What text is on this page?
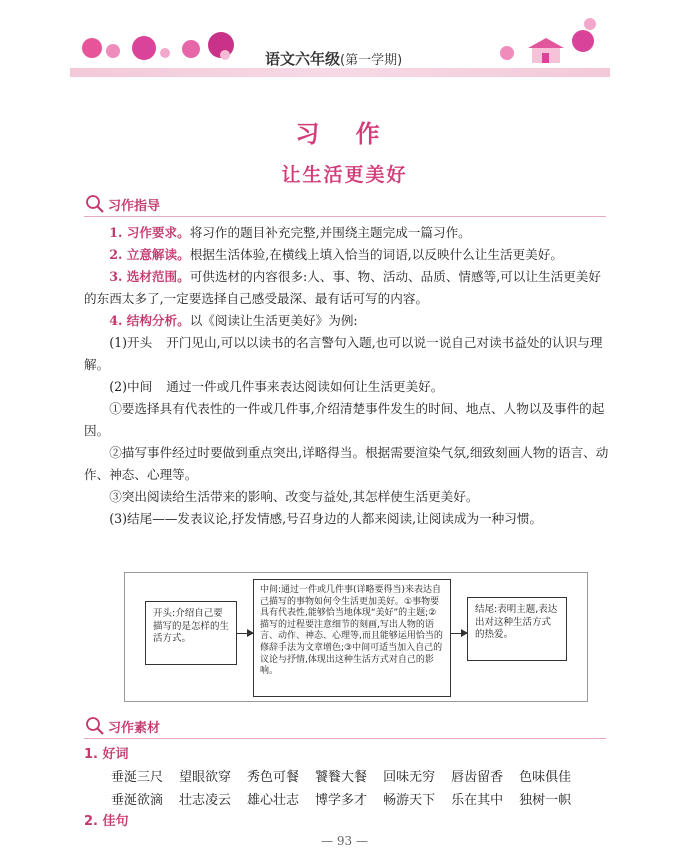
语文六年级(第一学期)
习 作
让生活更美好
习作指导

1. 习作要求。将习作的题目补充完整,并围绕主题完成一篇习作。

2. 立意解读。根据生活体验,在横线上填入恰当的词语,以反映什么让生活更美好。

3. 选材范围。可供选材的内容很多:人、事、物、活动、品质、情感等,可以让生活更美好的东西太多了,一定要选择自己感受最深、最有话可写的内容。

4. 结构分析。以《阅读让生活更美好》为例:

(1)开头 开门见山,可以以读书的名言警句入题,也可以说一说自己对读书益处的认识与理解。

(2)中间 通过一件或几件事来表达阅读如何让生活更美好。

①要选择具有代表性的一件或几件事,介绍清楚事件发生的时间、地点、人物以及事件的起因。

②描写事件经过时要做到重点突出,详略得当。根据需要渲染气氛,细致刻画人物的语言、动作、神态、心理等。

③突出阅读给生活带来的影响、改变与益处,其怎样使生活更美好。

(3)结尾——发表议论,抒发情感,号召身边的人都来阅读,让阅读成为一种习惯。

开头:介绍自己要描写的是怎样的生活方式。
中间:通过一件或几件事(详略要得当)来表达自己描写的事物如何令生活更加美好。①事物要具有代表性,能够恰当地体现“美好”的主题;②描写的过程要注意细节的刻画,写出人物的语言、动作、神态、心理等,而且能够运用恰当的修辞手法为文章增色;③中间可适当加入自己的议论与抒情,体现出这种生活方式对自己的影响。
结尾:表明主题,表达出对这种生活方式的热爱。
习作素材
1. 好词
垂涎三尺 望眼欲穿 秀色可餐 饕餮大餐 回味无穷 唇齿留香 色味俱佳
垂涎欲滴 壮志凌云 雄心壮志 博学多才 畅游天下 乐在其中 独树一帜
2. 佳句
— 93 —
